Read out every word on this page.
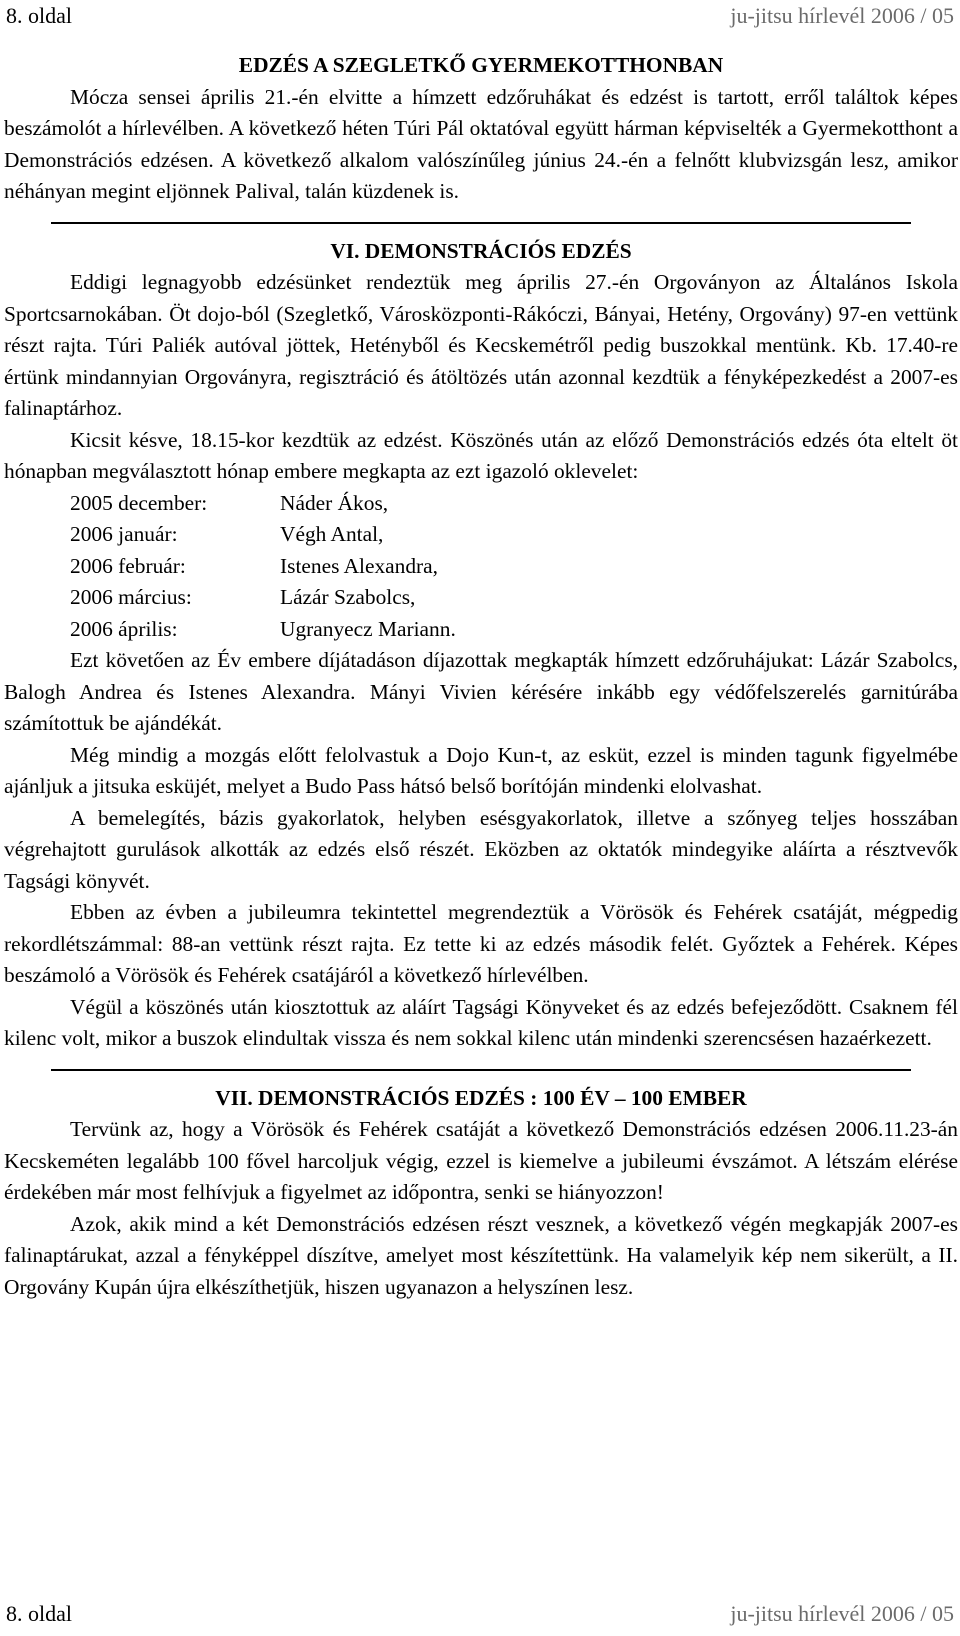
8. oldal	ju-jitsu hírlevél 2006 / 05
EDZÉS A SZEGLETKŐ GYERMEKOTTHONBAN

Mócza sensei április 21.-én elvitte a hímzett edzőruhákat és edzést is tartott, erről találtok képes beszámolót a hírlevélben. A következő héten Túri Pál oktatóval együtt hárman képviselték a Gyermekotthont a Demonstrációs edzésen. A következő alkalom valószínűleg június 24.-én a felnőtt klubvizsgán lesz, amikor néhányan megint eljönnek Palival, talán küzdenek is.

VI. DEMONSTRÁCIÓS EDZÉS

Eddigi legnagyobb edzésünket rendeztük meg április 27.-én Orgoványon az Általános Iskola Sportcsarnokában. Öt dojo-ból (Szegletkő, Városközponti-Rákóczi, Bányai, Hetény, Orgovány) 97-en vettünk részt rajta. Túri Paliék autóval jöttek, Hetényből és Kecskemétről pedig buszokkal mentünk. Kb. 17.40-re értünk mindannyian Orgoványra, regisztráció és átöltözés után azonnal kezdtük a fényképezkedést a 2007-es falinaptárhoz.

Kicsit késve, 18.15-kor kezdtük az edzést. Köszönés után az előző Demonstrációs edzés óta eltelt öt hónapban megválasztott hónap embere megkapta az ezt igazoló oklevelet:

2005 december:	Náder Ákos,
2006 január:	Végh Antal,
2006 február:	Istenes Alexandra,
2006 március:	Lázár Szabolcs,
2006 április:	Ugranyecz Mariann.

Ezt követően az Év embere díjátadáson díjazottak megkapták hímzett edzőruhájukat: Lázár Szabolcs, Balogh Andrea és Istenes Alexandra. Mányi Vivien kérésére inkább egy védőfelszerelés garnitúrába számítottuk be ajándékát.

Még mindig a mozgás előtt felolvastuk a Dojo Kun-t, az esküt, ezzel is minden tagunk figyelmébe ajánljuk a jitsuka esküjét, melyet a Budo Pass hátsó belső borítóján mindenki elolvashat.

A bemelegítés, bázis gyakorlatok, helyben esésgyakorlatok, illetve a szőnyeg teljes hosszában végrehajtott gurulások alkották az edzés első részét. Eközben az oktatók mindegyike aláírta a résztvevők Tagsági könyvét.

Ebben az évben a jubileumra tekintettel megrendeztük a Vörösök és Fehérek csatáját, mégpedig rekordlétszámmal: 88-an vettünk részt rajta. Ez tette ki az edzés második felét. Győztek a Fehérek. Képes beszámoló a Vörösök és Fehérek csatájáról a következő hírlevélben.

Végül a köszönés után kiosztottuk az aláírt Tagsági Könyveket és az edzés befejeződött. Csaknem fél kilenc volt, mikor a buszok elindultak vissza és nem sokkal kilenc után mindenki szerencsésen hazaérkezett.

VII. DEMONSTRÁCIÓS EDZÉS : 100 ÉV – 100 EMBER

Tervünk az, hogy a Vörösök és Fehérek csatáját a következő Demonstrációs edzésen 2006.11.23-án Kecskeméten legalább 100 fővel harcoljuk végig, ezzel is kiemelve a jubileumi évszámot. A létszám elérése érdekében már most felhívjuk a figyelmet az időpontra, senki se hiányozzon!

Azok, akik mind a két Demonstrációs edzésen részt vesznek, a következő végén megkapják 2007-es falinaptárukat, azzal a fényképpel díszítve, amelyet most készítettünk. Ha valamelyik kép nem sikerült, a II. Orgovány Kupán újra elkészíthetjük, hiszen ugyanazon a helyszínen lesz.

8. oldal	ju-jitsu hírlevél 2006 / 05
